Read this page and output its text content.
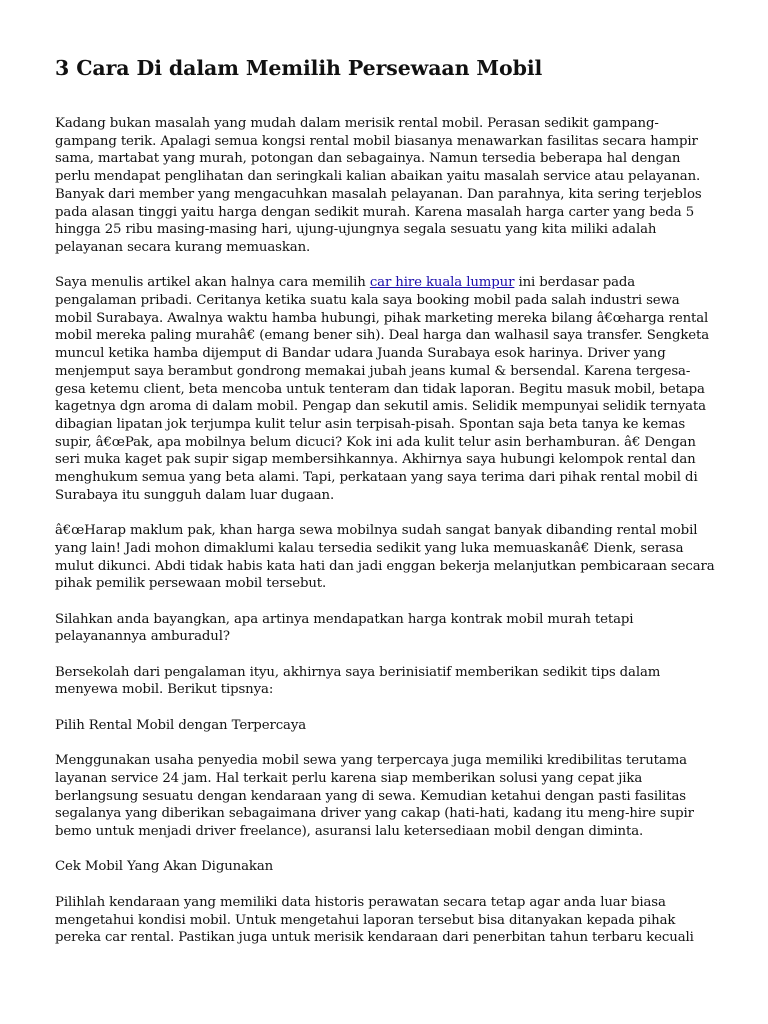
3 Cara Di dalam Memilih Persewaan Mobil

Kadang bukan masalah yang mudah dalam merisik rental mobil. Perasan sedikit gampang-gampang terik. Apalagi semua kongsi rental mobil biasanya menawarkan fasilitas secara hampir sama, martabat yang murah, potongan dan sebagainya. Namun tersedia beberapa hal dengan perlu mendapat penglihatan dan seringkali kalian abaikan yaitu masalah service atau pelayanan. Banyak dari member yang mengacuhkan masalah pelayanan. Dan parahnya, kita sering terjeblos pada alasan tinggi yaitu harga dengan sedikit murah. Karena masalah harga carter yang beda 5 hingga 25 ribu masing-masing hari, ujung-ujungnya segala sesuatu yang kita miliki adalah pelayanan secara kurang memuaskan.

Saya menulis artikel akan halnya cara memilih car hire kuala lumpur ini berdasar pada pengalaman pribadi. Ceritanya ketika suatu kala saya booking mobil pada salah industri sewa mobil Surabaya. Awalnya waktu hamba hubungi, pihak marketing mereka bilang â€œharga rental mobil mereka paling murahâ€ (emang bener sih). Deal harga dan walhasil saya transfer. Sengketa muncul ketika hamba dijemput di Bandar udara Juanda Surabaya esok harinya. Driver yang menjemput saya berambut gondrong memakai jubah jeans kumal & bersendal. Karena tergesa-gesa ketemu client, beta mencoba untuk tenteram dan tidak laporan. Begitu masuk mobil, betapa kagetnya dgn aroma di dalam mobil. Pengap dan sekutil amis. Selidik mempunyai selidik ternyata dibagian lipatan jok terjumpa kulit telur asin terpisah-pisah. Spontan saja beta tanya ke kemas supir, â€œPak, apa mobilnya belum dicuci? Kok ini ada kulit telur asin berhamburan. â€ Dengan seri muka kaget pak supir sigap membersihkannya. Akhirnya saya hubungi kelompok rental dan menghukum semua yang beta alami. Tapi, perkataan yang saya terima dari pihak rental mobil di Surabaya itu sungguh dalam luar dugaan.

â€œHarap maklum pak, khan harga sewa mobilnya sudah sangat banyak dibanding rental mobil yang lain! Jadi mohon dimaklumi kalau tersedia sedikit yang luka memuaskanâ€ Dienk, serasa mulut dikunci. Abdi tidak habis kata hati dan jadi enggan bekerja melanjutkan pembicaraan secara pihak pemilik persewaan mobil tersebut.

Silahkan anda bayangkan, apa artinya mendapatkan harga kontrak mobil murah tetapi pelayanannya amburadul?

Bersekolah dari pengalaman ityu, akhirnya saya berinisiatif memberikan sedikit tips dalam menyewa mobil. Berikut tipsnya:

Pilih Rental Mobil dengan Terpercaya

Menggunakan usaha penyedia mobil sewa yang terpercaya juga memiliki kredibilitas terutama layanan service 24 jam. Hal terkait perlu karena siap memberikan solusi yang cepat jika berlangsung sesuatu dengan kendaraan yang di sewa. Kemudian ketahui dengan pasti fasilitas segalanya yang diberikan sebagaimana driver yang cakap (hati-hati, kadang itu meng-hire supir bemo untuk menjadi driver freelance), asuransi lalu ketersediaan mobil dengan diminta.

Cek Mobil Yang Akan Digunakan

Pilihlah kendaraan yang memiliki data historis perawatan secara tetap agar anda luar biasa mengetahui kondisi mobil. Untuk mengetahui laporan tersebut bisa ditanyakan kepada pihak pereka car rental. Pastikan juga untuk merisik kendaraan dari penerbitan tahun terbaru kecuali
